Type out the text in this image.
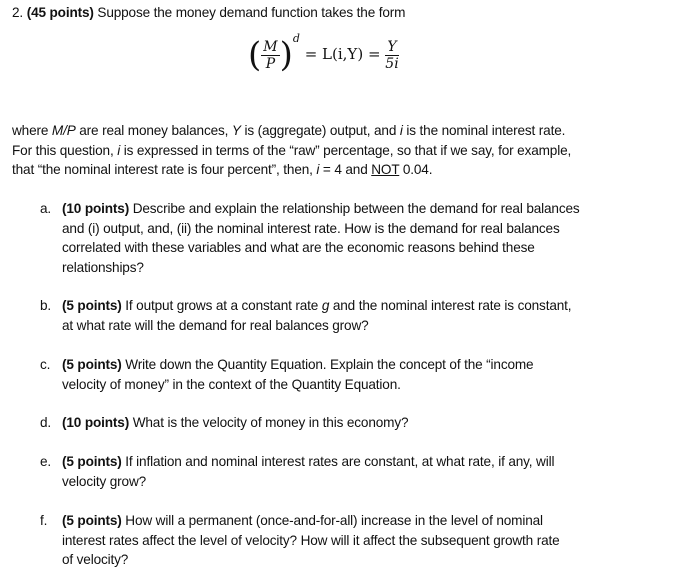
2. (45 points) Suppose the money demand function takes the form
( $\frac{M}{P} )^d = L(i,Y) = \frac{Y}{5i}$
where M/P are real money balances, Y is (aggregate) output, and i is the nominal interest rate.
For this question, i is expressed in terms of the “raw” percentage, so that if we say, for example,
that “the nominal interest rate is four percent”, then, i = 4 and NOT 0.04.
a. (10 points) Describe and explain the relationship between the demand for real balances
and (i) output, and, (ii) the nominal interest rate. How is the demand for real balances
correlated with these variables and what are the economic reasons behind these
relationships?
b. (5 points) If output grows at a constant rate g and the nominal interest rate is constant,
at what rate will the demand for real balances grow?
c. (5 points) Write down the Quantity Equation. Explain the concept of the “income
velocity of money” in the context of the Quantity Equation.
d. (10 points) What is the velocity of money in this economy?
e. (5 points) If inflation and nominal interest rates are constant, at what rate, if any, will
velocity grow?
f. (5 points) How will a permanent (once-and-for-all) increase in the level of nominal
interest rates affect the level of velocity? How will it affect the subsequent growth rate
of velocity?
